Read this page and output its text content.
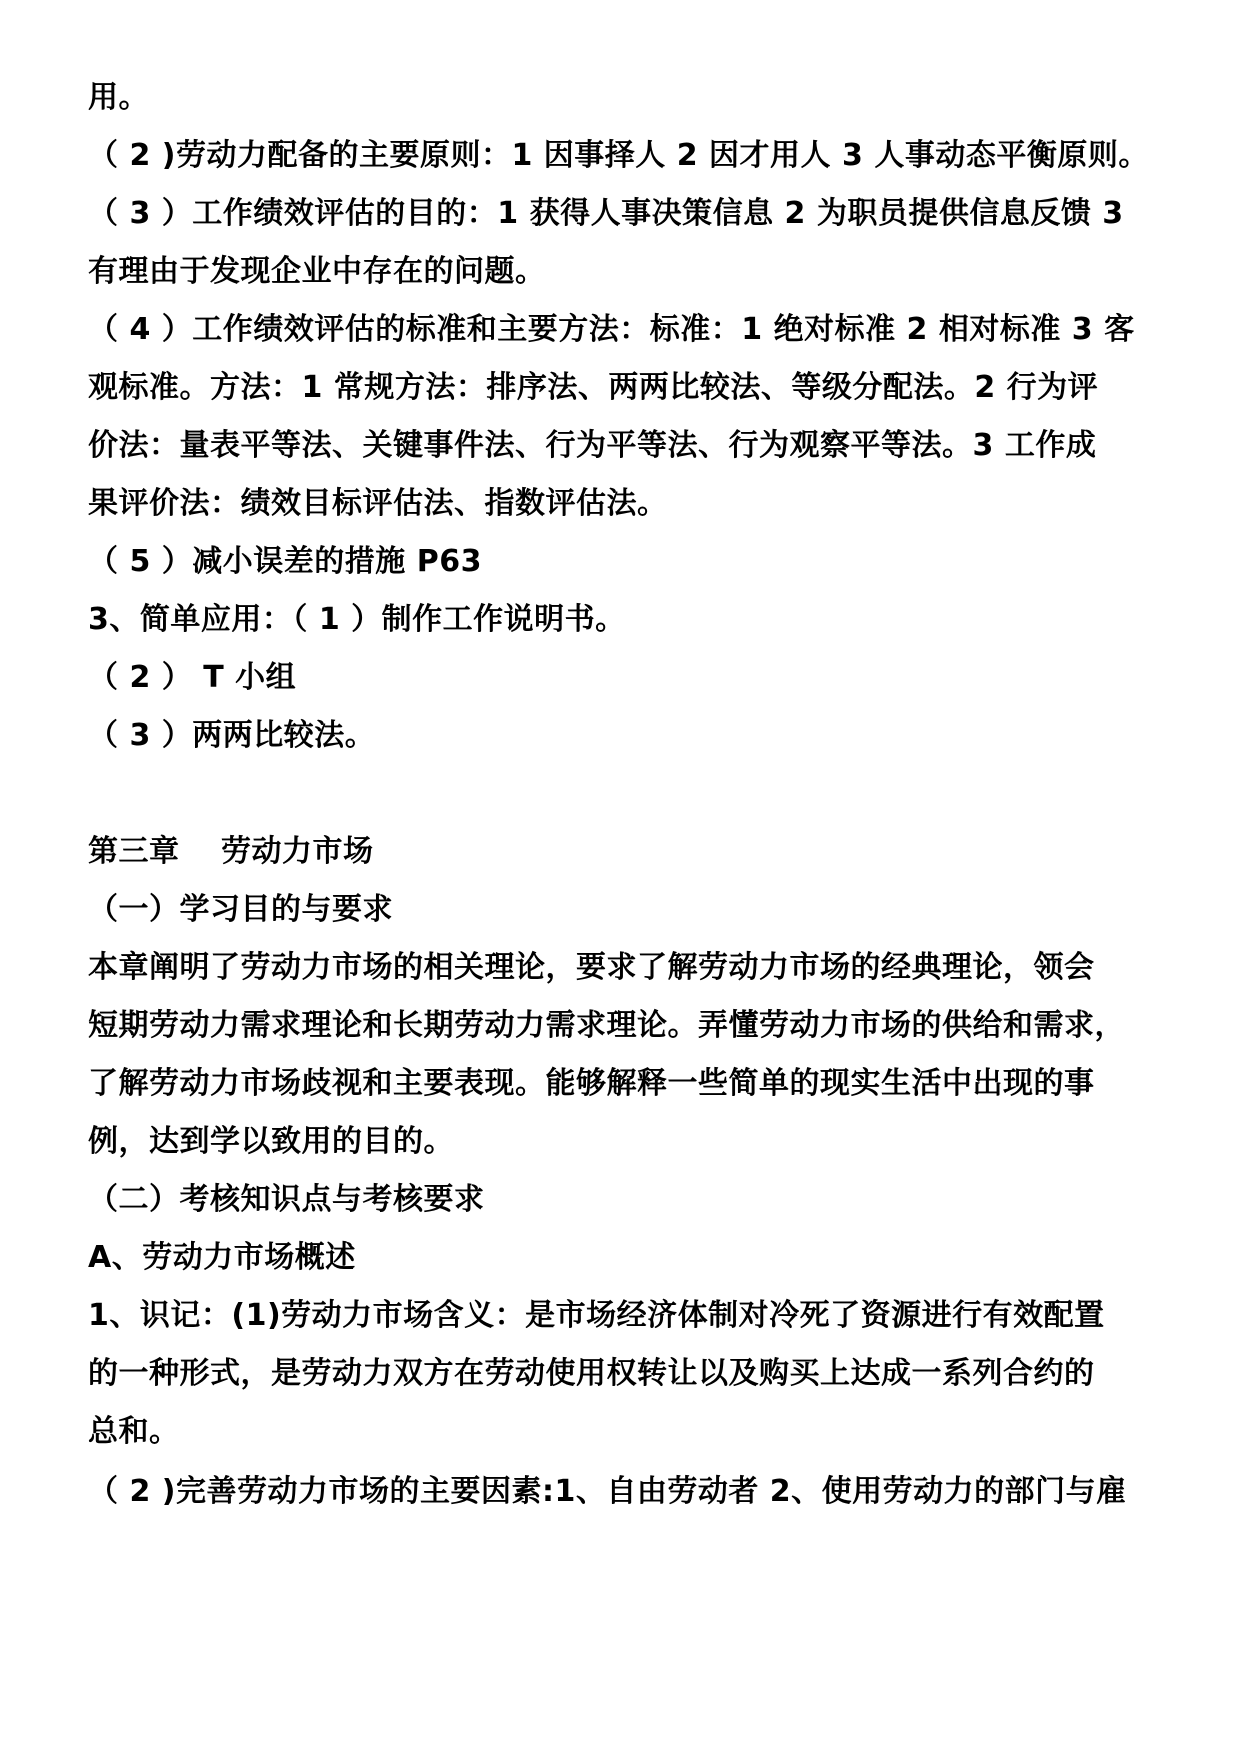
用。
（ 2 )劳动力配备的主要原则：1 因事择人 2 因才用人 3 人事动态平衡原则。
（ 3 ）工作绩效评估的目的：1 获得人事决策信息 2 为职员提供信息反馈 3
有理由于发现企业中存在的问题。
（ 4 ）工作绩效评估的标准和主要方法：标准：1 绝对标准 2 相对标准 3 客
观标准。方法：1 常规方法：排序法、两两比较法、等级分配法。2 行为评
价法：量表平等法、关键事件法、行为平等法、行为观察平等法。3 工作成
果评价法：绩效目标评估法、指数评估法。
（ 5 ）减小误差的措施 P63
3、简单应用：（ 1 ）制作工作说明书。
（ 2 ） T 小组
（ 3 ）两两比较法。
第三章　 劳动力市场
（一）学习目的与要求
本章阐明了劳动力市场的相关理论，要求了解劳动力市场的经典理论，领会
短期劳动力需求理论和长期劳动力需求理论。弄懂劳动力市场的供给和需求，
了解劳动力市场歧视和主要表现。能够解释一些简单的现实生活中出现的事
例，达到学以致用的目的。
（二）考核知识点与考核要求
A、劳动力市场概述
1、识记：(1)劳动力市场含义：是市场经济体制对冷死了资源进行有效配置
的一种形式，是劳动力双方在劳动使用权转让以及购买上达成一系列合约的
总和。
（ 2 )完善劳动力市场的主要因素:1、自由劳动者 2、使用劳动力的部门与雇
